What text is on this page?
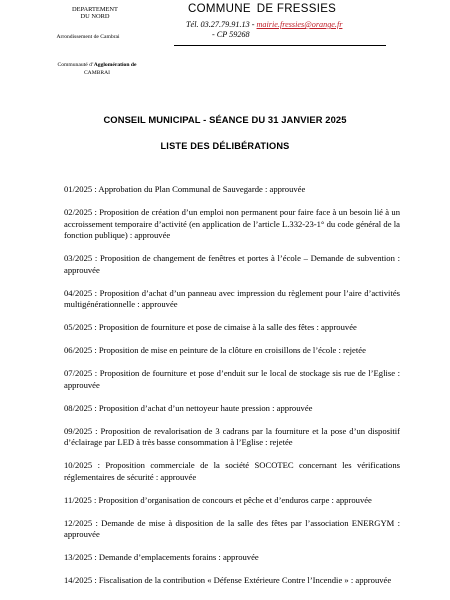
DEPARTEMENT
DU NORD
Arrondissement de Cambrai
Communauté d’Agglomération de
CAMBRAI
COMMUNE DE FRESSIES
Tél. 03.27.79.91.13 - mairie.fressies@orange.fr
- CP 59268
CONSEIL MUNICIPAL - SÉANCE DU 31 JANVIER 2025
LISTE DES DÉLIBÉRATIONS
01/2025 : Approbation du Plan Communal de Sauvegarde : approuvée
02/2025 : Proposition de création d’un emploi non permanent pour faire face à un besoin lié à un accroissement temporaire d’activité (en application de l’article L.332-23-1° du code général de la fonction publique) : approuvée
03/2025 : Proposition de changement de fenêtres et portes à l’école – Demande de subvention : approuvée
04/2025 : Proposition d’achat d’un panneau avec impression du règlement pour l’aire d’activités multigénérationnelle : approuvée
05/2025 : Proposition de fourniture et pose de cimaise à la salle des fêtes : approuvée
06/2025 : Proposition de mise en peinture de la clôture en croisillons de l’école : rejetée
07/2025 : Proposition de fourniture et pose d’enduit sur le local de stockage sis rue de l’Eglise : approuvée
08/2025 : Proposition d’achat d’un nettoyeur haute pression : approuvée
09/2025 : Proposition de revalorisation de 3 cadrans par la fourniture et la pose d’un dispositif d’éclairage par LED à très basse consommation à l’Eglise : rejetée
10/2025 : Proposition commerciale de la société SOCOTEC concernant les vérifications réglementaires de sécurité : approuvée
11/2025 : Proposition d’organisation de concours et pêche et d’enduros carpe : approuvée
12/2025 : Demande de mise à disposition de la salle des fêtes par l’association ENERGYM : approuvée
13/2025 : Demande d’emplacements forains : approuvée
14/2025 : Fiscalisation de la contribution « Défense Extérieure Contre l’Incendie » : approuvée
